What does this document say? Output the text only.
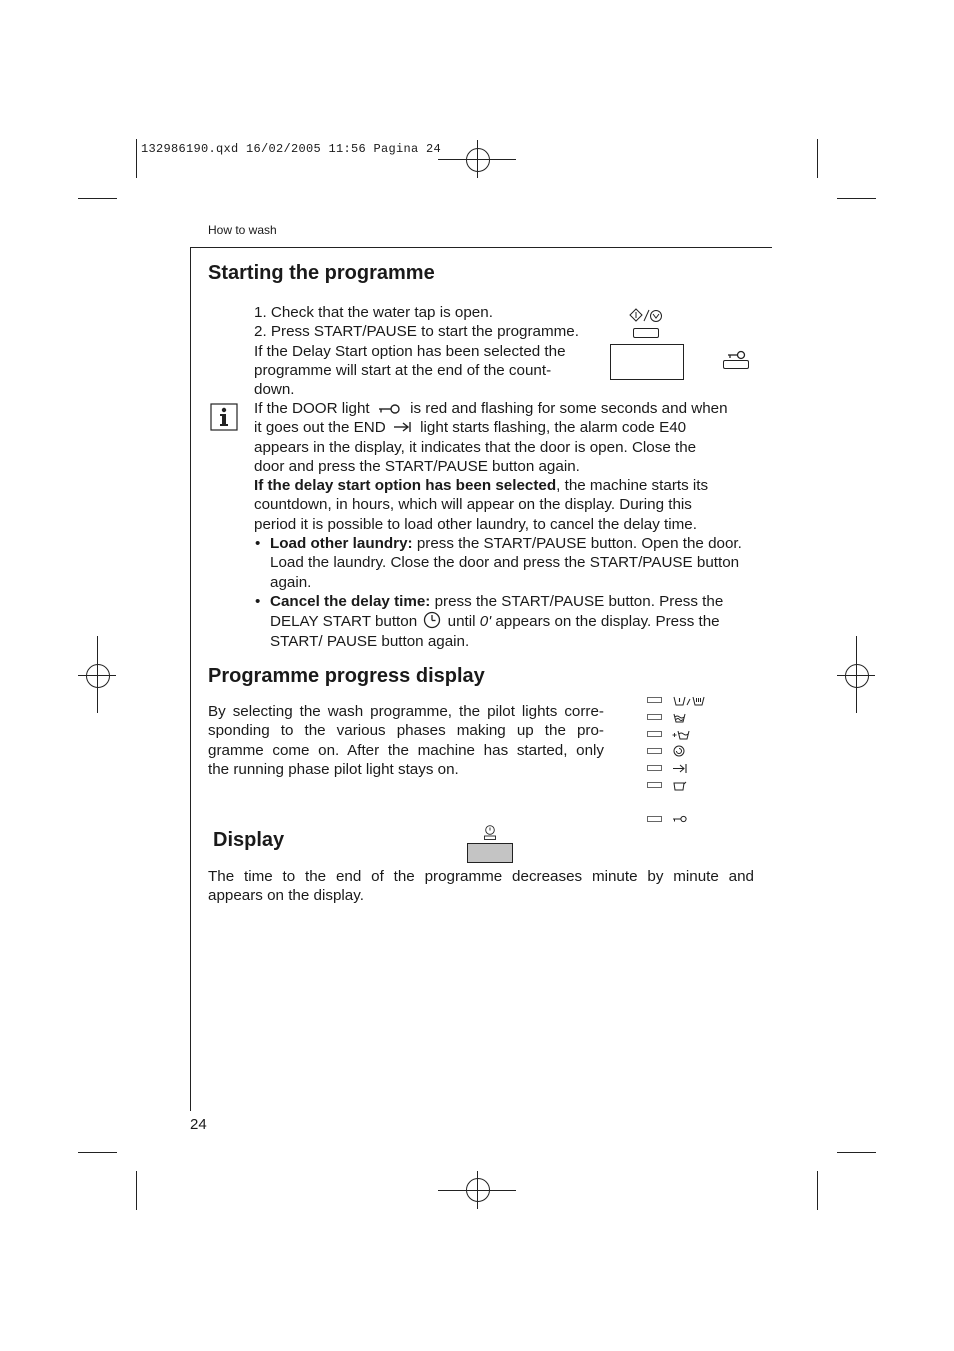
132986190.qxd 16/02/2005 11:56 Pagina 24
How to wash
24
Starting the programme
1. Check that the water tap is open.
2. Press START/PAUSE to start the programme.
If the Delay Start option has been selected the
programme will start at the end of the count-
down.
If the DOOR light	is red and flashing for some seconds and when
it goes out the END light starts flashing, the alarm code E40
appears in the display, it indicates that the door is open. Close the
door and press the START/PAUSE button again.
If the delay start option has been selected, the machine starts its
countdown, in hours, which will appear on the display. During this
period it is possible to load other laundry, to cancel the delay time.
• Load other laundry: press the START/PAUSE button. Open the door.
Load the laundry. Close the door and press the START/PAUSE button
again.
• Cancel the delay time: press the START/PAUSE button. Press the
DELAY START button until 0' appears on the display. Press the
START/ PAUSE button again.
Programme progress display
By selecting the wash programme, the pilot lights corre-
sponding to the various phases making up the pro-
gramme come on. After the machine has started, only
the running phase pilot light stays on.
Display
The time to the end of the programme decreases minute by minute and
appears on the display.
